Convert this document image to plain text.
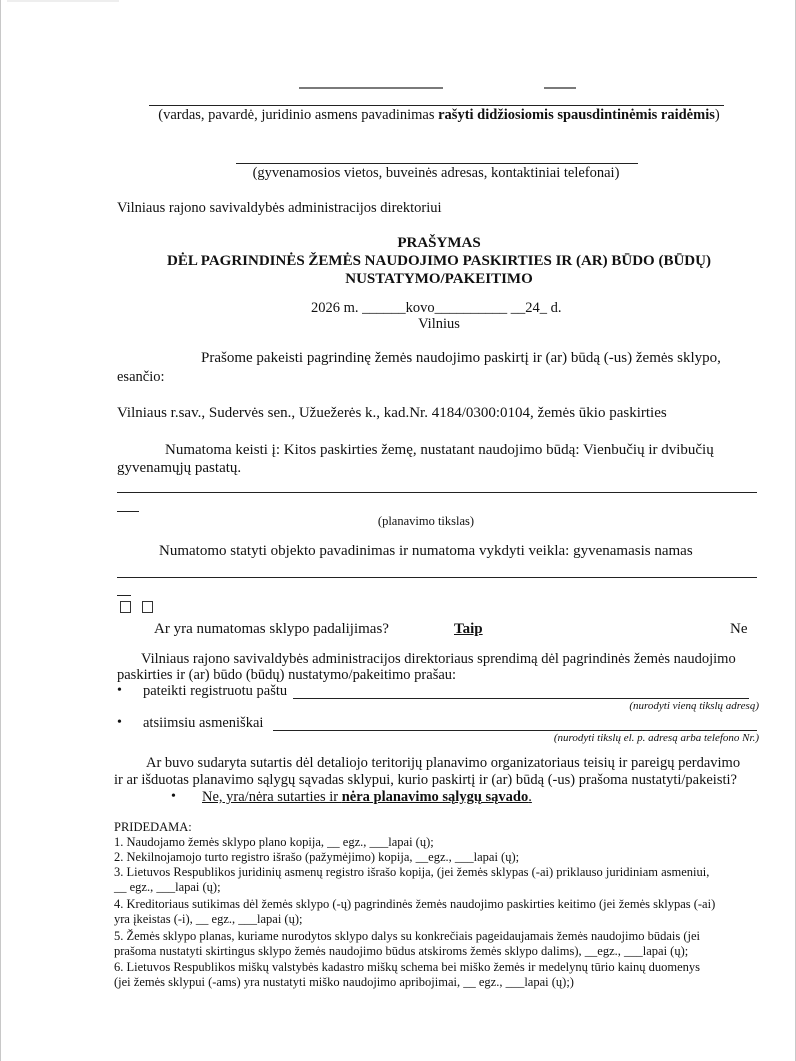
(vardas, pavardė, juridinio asmens pavadinimas rašyti didžiosiomis spausdintinėmis raidėmis)
(gyvenamosios vietos, buveinės adresas, kontaktiniai telefonai)
Vilniaus rajono savivaldybės administracijos direktoriui
PRAŠYMAS
DĖL PAGRINDINĖS ŽEMĖS NAUDOJIMO PASKIRTIES IR (AR) BŪDO (BŪDŲ)
NUSTATYMO/PAKEITIMO
2026 m. ______kovo__________ __24_ d.
Vilnius
Prašome pakeisti pagrindinę žemės naudojimo paskirtį ir (ar) būdą (-us) žemės sklypo,
esančio:
Vilniaus r.sav., Sudervės sen., Užuežerės k., kad.Nr. 4184/0300:0104, žemės ūkio paskirties
Numatoma keisti į: Kitos paskirties žemę, nustatant naudojimo būdą: Vienbučių ir dvibučių
gyvenamųjų pastatų.
(planavimo tikslas)
Numatomo statyti objekto pavadinimas ir numatoma vykdyti veikla: gyvenamasis namas
Ar yra numatomas sklypo padalijimas?	Taip	Ne
Vilniaus rajono savivaldybės administracijos direktoriaus sprendimą dėl pagrindinės žemės naudojimo
paskirties ir (ar) būdo (būdų) nustatymo/pakeitimo prašau:
• pateikti registruotu paštu
(nurodyti vieną tikslų adresą)
• atsiimsiu asmeniškai
(nurodyti tikslų el. p. adresą arba telefono Nr.)
Ar buvo sudaryta sutartis dėl detaliojo teritorijų planavimo organizatoriaus teisių ir pareigų perdavimo
ir ar išduotas planavimo sąlygų sąvadas sklypui, kurio paskirtį ir (ar) būdą (-us) prašoma nustatyti/pakeisti?
• Ne, yra/nėra sutarties ir nėra planavimo sąlygų sąvado.
PRIDEDAMA:
1. Naudojamo žemės sklypo plano kopija, __ egz., ___lapai (ų);
2. Nekilnojamojo turto registro išrašo (pažymėjimo) kopija, __egz., ___lapai (ų);
3. Lietuvos Respublikos juridinių asmenų registro išrašo kopija, (jei žemės sklypas (-ai) priklauso juridiniam asmeniui,
__ egz., ___lapai (ų);
4. Kreditoriaus sutikimas dėl žemės sklypo (-ų) pagrindinės žemės naudojimo paskirties keitimo (jei žemės sklypas (-ai)
yra įkeistas (-i), __ egz., ___lapai (ų);
5. Žemės sklypo planas, kuriame nurodytos sklypo dalys su konkrečiais pageidaujamais žemės naudojimo būdais (jei
prašoma nustatyti skirtingus sklypo žemės naudojimo būdus atskiroms žemės sklypo dalims), __egz., ___lapai (ų);
6. Lietuvos Respublikos miškų valstybės kadastro miškų schema bei miško žemės ir medelynų tūrio kainų duomenys
(jei žemės sklypui (-ams) yra nustatyti miško naudojimo apribojimai, __ egz., ___lapai (ų);)
